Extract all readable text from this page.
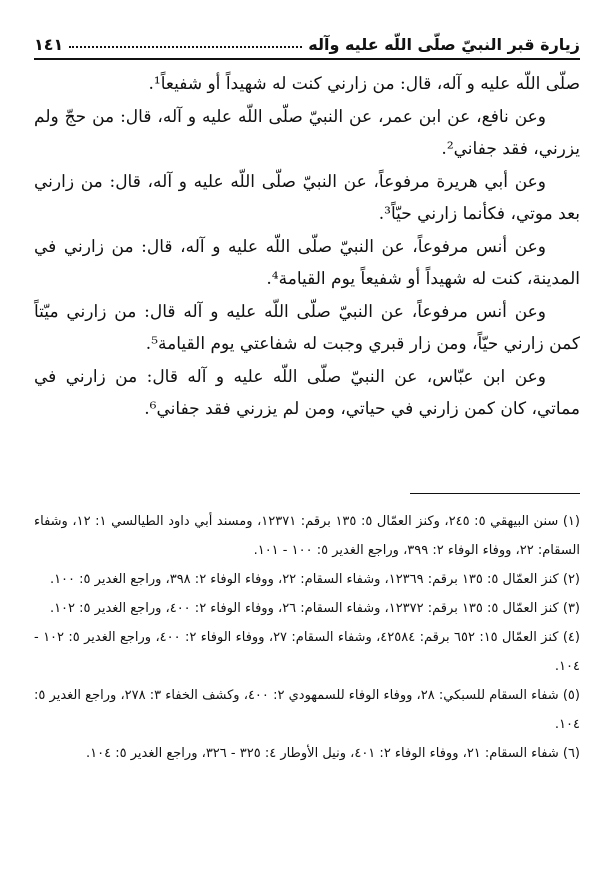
زيارة قبر النبيّ صلّى اللّه عليه وآله
١٤١

صلّى اللّه عليه و آله، قال: من زارني كنت له شهيداً أو شفيعاً¹.

وعن نافع، عن ابن عمر، عن النبيّ صلّى اللّه عليه و آله، قال: من حجّ ولم يزرني، فقد جفاني².

وعن أبي هريرة مرفوعاً، عن النبيّ صلّى اللّه عليه و آله، قال: من زارني بعد موتي، فكأنما زارني حيّاً³.

وعن أنس مرفوعاً، عن النبيّ صلّى اللّه عليه و آله، قال: من زارني في المدينة، كنت له شهيداً أو شفيعاً يوم القيامة⁴.

وعن أنس مرفوعاً، عن النبيّ صلّى اللّه عليه و آله قال: من زارني ميّتاً كمن زارني حيّاً، ومن زار قبري وجبت له شفاعتي يوم القيامة⁵.

وعن ابن عبّاس، عن النبيّ صلّى اللّه عليه و آله قال: من زارني في مماتي، كان كمن زارني في حياتي، ومن لم يزرني فقد جفاني⁶.

(١) سنن البيهقي ٥: ٢٤٥، وكنز العمّال ٥: ١٣٥ برقم: ١٢٣٧١، ومسند أبي داود الطيالسي ١: ١٢، وشفاء السقام: ٢٢، ووفاء الوفاء ٢: ٣٩٩، وراجع الغدير ٥: ١٠٠ - ١٠١.

(٢) كنز العمّال ٥: ١٣٥ برقم: ١٢٣٦٩، وشفاء السقام: ٢٢، ووفاء الوفاء ٢: ٣٩٨، وراجع الغدير ٥: ١٠٠.

(٣) كنز العمّال ٥: ١٣٥ برقم: ١٢٣٧٢، وشفاء السقام: ٢٦، ووفاء الوفاء ٢: ٤٠٠، وراجع الغدير ٥: ١٠٢.

(٤) كنز العمّال ١٥: ٦٥٢ برقم: ٤٢٥٨٤، وشفاء السقام: ٢٧، ووفاء الوفاء ٢: ٤٠٠، وراجع الغدير ٥: ١٠٢ - ١٠٤.

(٥) شفاء السقام للسبكي: ٢٨، ووفاء الوفاء للسمهودي ٢: ٤٠٠، وكشف الخفاء ٣: ٢٧٨، وراجع الغدير ٥: ١٠٤.

(٦) شفاء السقام: ٢١، ووفاء الوفاء ٢: ٤٠١، ونيل الأوطار ٤: ٣٢٥ - ٣٢٦، وراجع الغدير ٥: ١٠٤.
